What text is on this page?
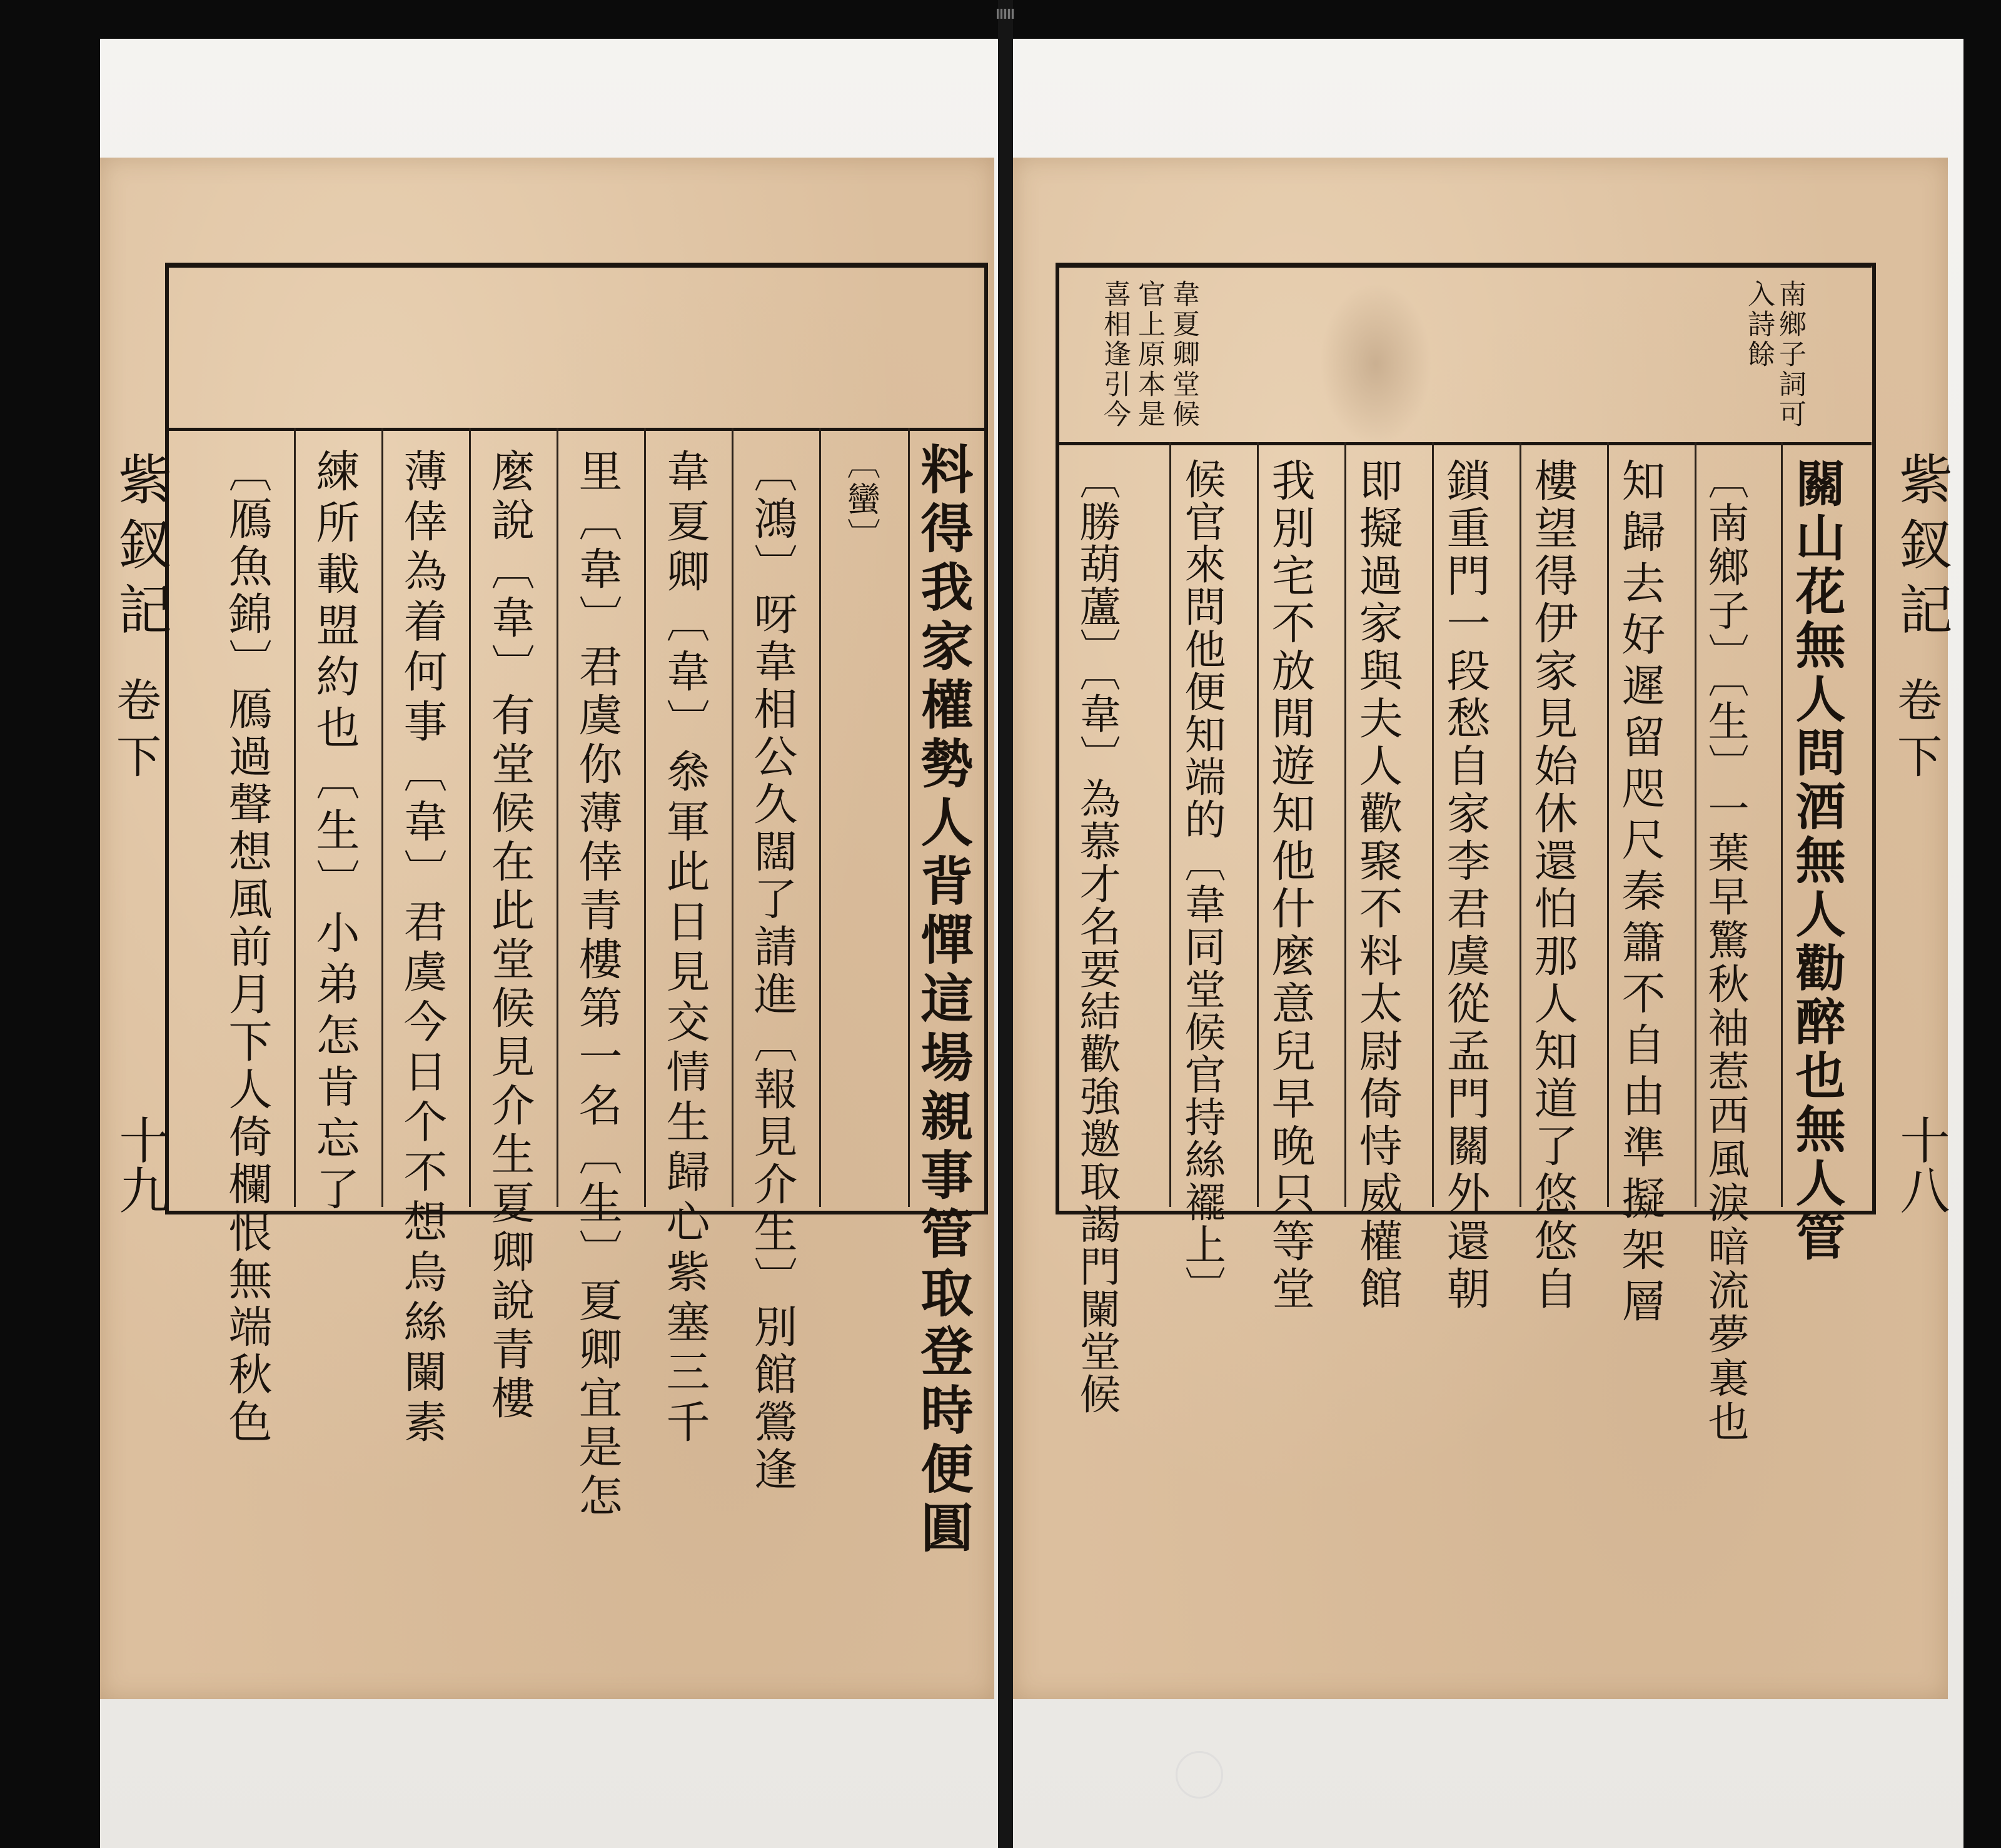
紫釵記
卷下
十九	料得我家權勢人背憚這場親事管取登時便圓
〔蠻〕
〔鴻〕呀韋相公久闊了請進〔報見介生〕別館鶯逢
韋夏卿〔韋〕叅軍此日見交情生歸心紫塞三千
里〔韋〕君虞你薄倖青樓第一名〔生〕夏卿宜是怎
麼說〔韋〕有堂候在此堂候見介生夏卿說青樓
薄倖為着何事〔韋〕君虞今日个不想烏絲闌素
練所載盟約也〔生〕小弟怎肯忘了
〔鴈魚錦〕鴈過聲想風前月下人倚欄恨無端秋色
南鄉子詞可
入詩餘
韋夏卿堂候
官上原本是
喜相逢引今
關山花無人問酒無人勸醉也無人管
〔南鄉子〕〔生〕一葉早驚秋袖惹西風淚暗流夢裏也
知歸去好遲留咫尺秦簫不自由準擬架層
樓望得伊家見始休還怕那人知道了悠悠自
鎖重門一段愁自家李君虞從孟門關外還朝
即擬過家與夫人歡聚不料太尉倚恃威權館
我別宅不放閒遊知他什麼意兒早晚只等堂
候官來問他便知端的〔韋同堂候官持絲襬上〕
〔勝葫蘆〕〔韋〕為慕才名要結歡強邀取謁門闌堂候	紫釵記
卷下
十八
